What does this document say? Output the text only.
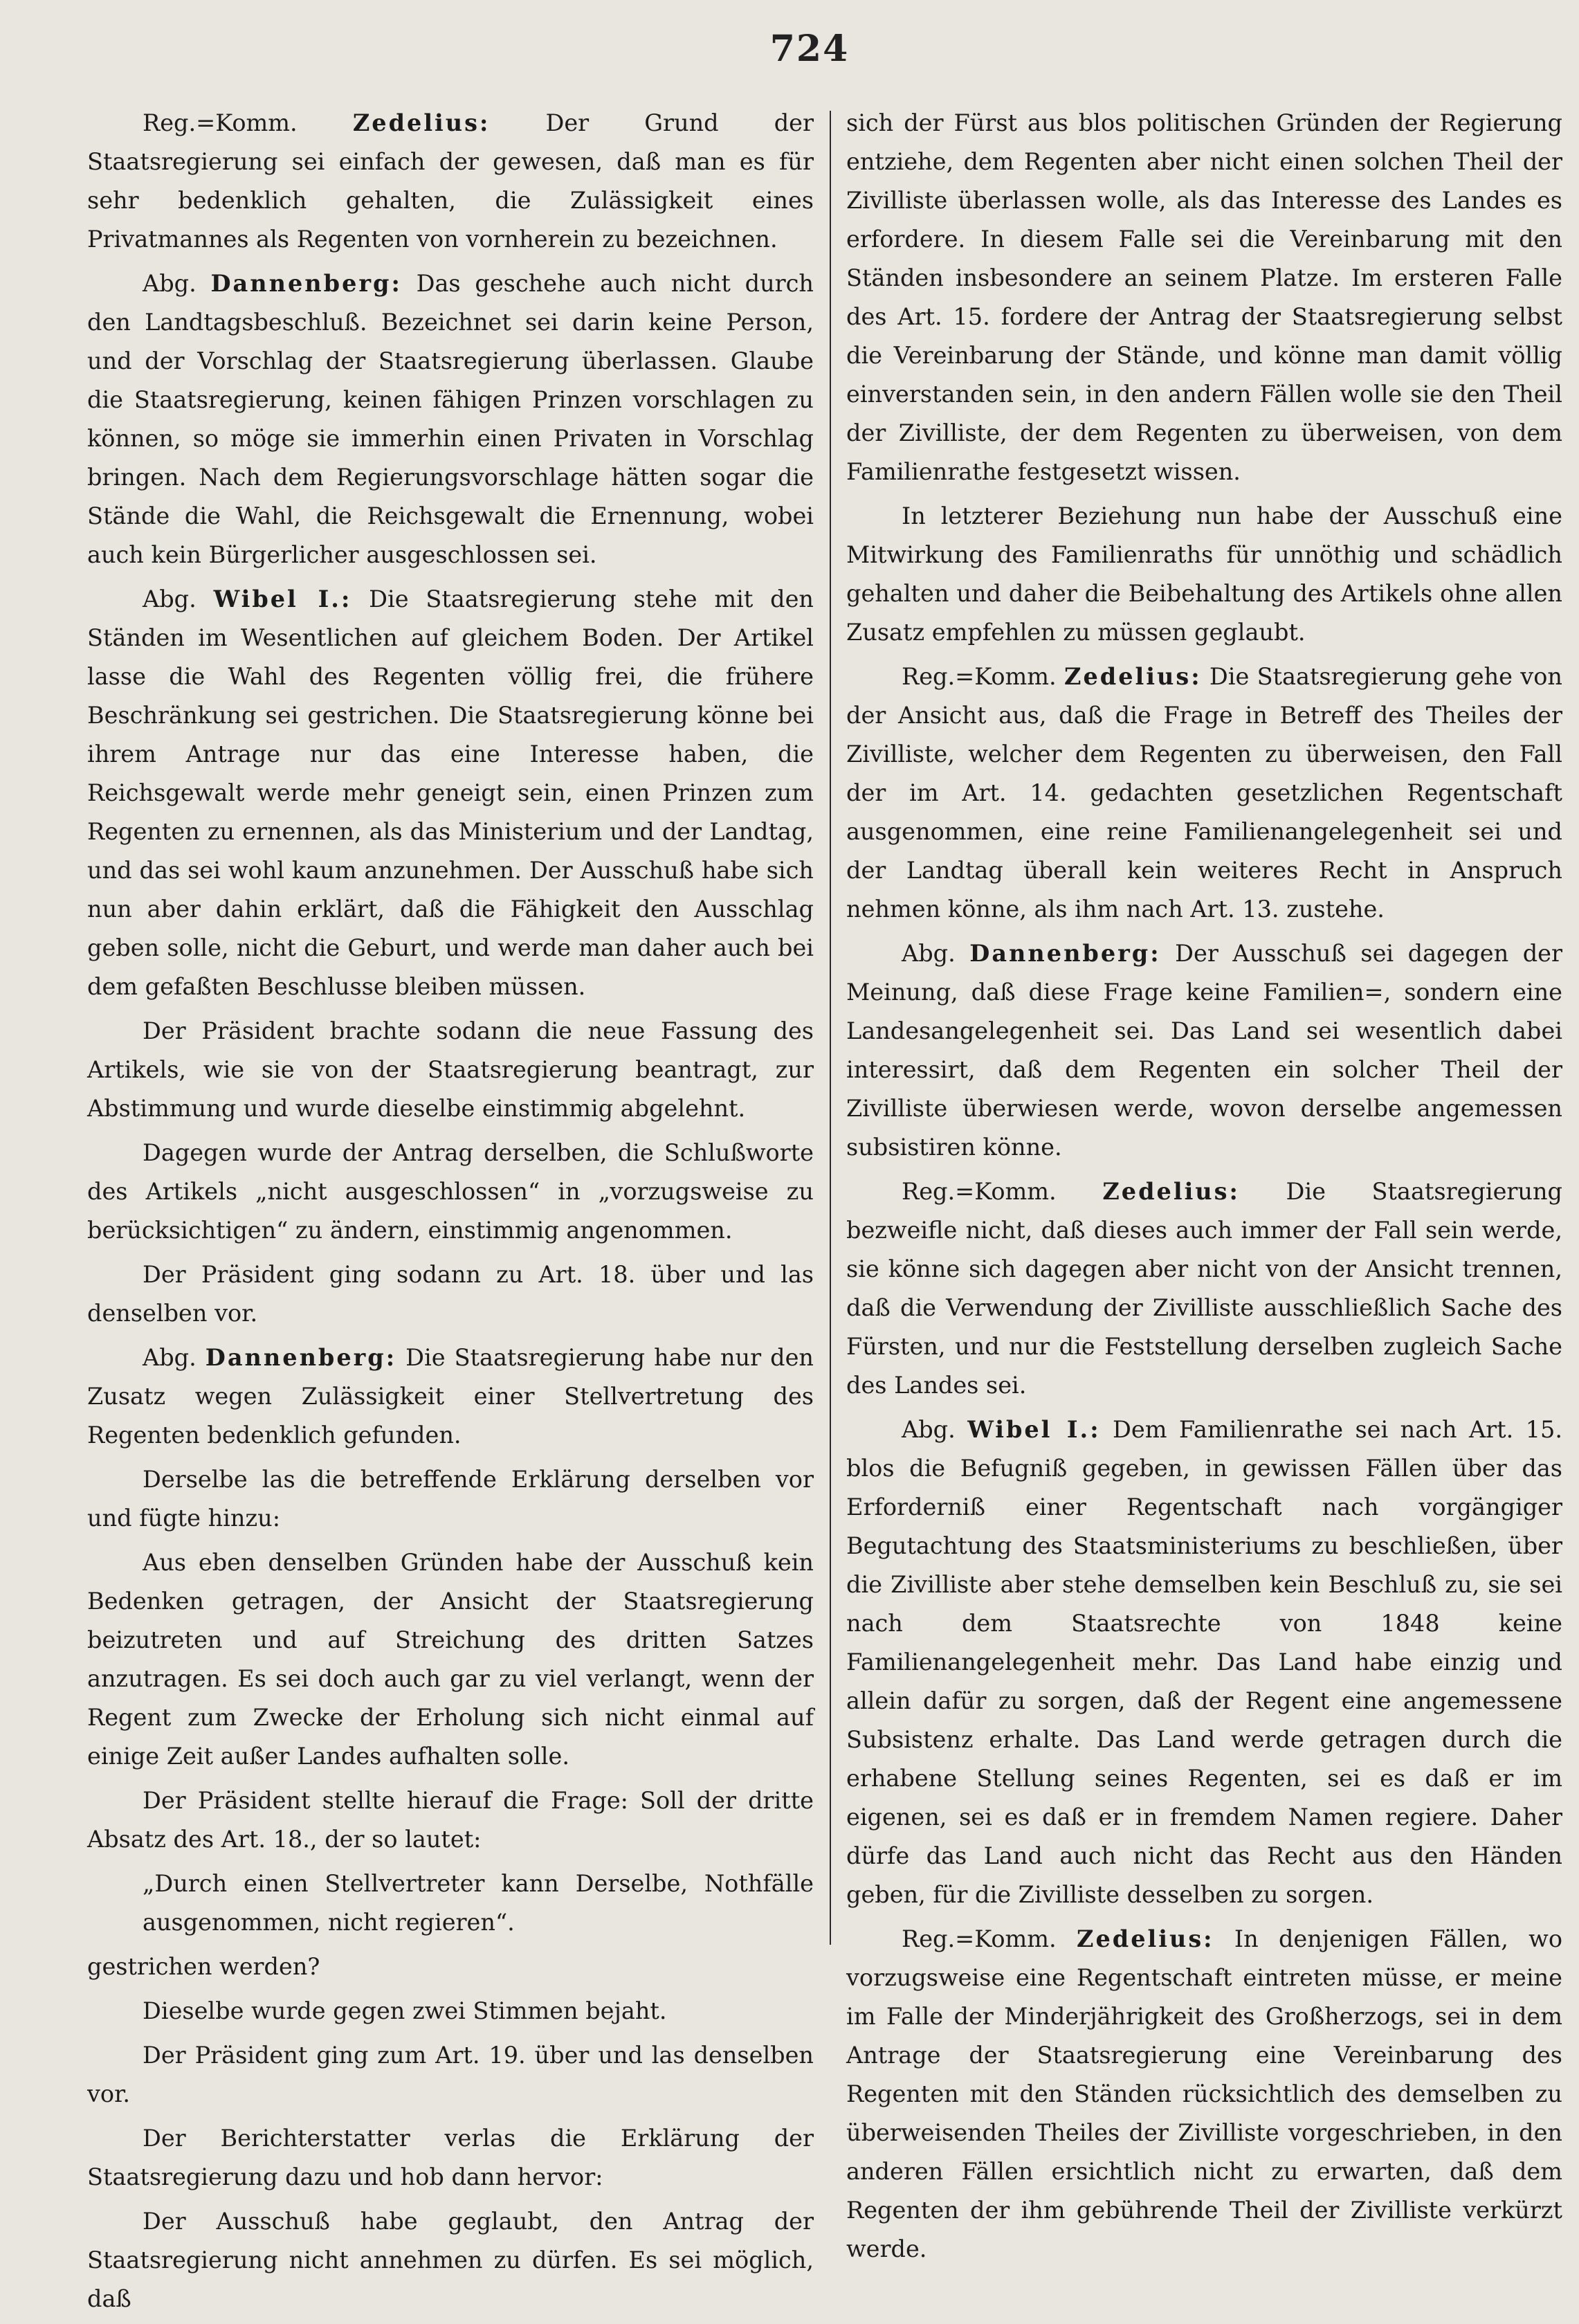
724

Reg.=Komm. Zedelius: Der Grund der Staatsregierung sei einfach der gewesen, daß man es für sehr bedenklich gehalten, die Zulässigkeit eines Privatmannes als Regenten von vornherein zu bezeichnen.

Abg. Dannenberg: Das geschehe auch nicht durch den Landtagsbeschluß. Bezeichnet sei darin keine Person, und der Vorschlag der Staatsregierung überlassen. Glaube die Staatsregierung, keinen fähigen Prinzen vorschlagen zu können, so möge sie immerhin einen Privaten in Vorschlag bringen. Nach dem Regierungsvorschlage hätten sogar die Stände die Wahl, die Reichsgewalt die Ernennung, wobei auch kein Bürgerlicher ausgeschlossen sei.

Abg. Wibel I.: Die Staatsregierung stehe mit den Ständen im Wesentlichen auf gleichem Boden. Der Artikel lasse die Wahl des Regenten völlig frei, die frühere Beschränkung sei gestrichen. Die Staatsregierung könne bei ihrem Antrage nur das eine Interesse haben, die Reichsgewalt werde mehr geneigt sein, einen Prinzen zum Regenten zu ernennen, als das Ministerium und der Landtag, und das sei wohl kaum anzunehmen. Der Ausschuß habe sich nun aber dahin erklärt, daß die Fähigkeit den Ausschlag geben solle, nicht die Geburt, und werde man daher auch bei dem gefaßten Beschlusse bleiben müssen.

Der Präsident brachte sodann die neue Fassung des Artikels, wie sie von der Staatsregierung beantragt, zur Abstimmung und wurde dieselbe einstimmig abgelehnt.

Dagegen wurde der Antrag derselben, die Schlußworte des Artikels „nicht ausgeschlossen“ in „vorzugsweise zu berücksichtigen“ zu ändern, einstimmig angenommen.

Der Präsident ging sodann zu Art. 18. über und las denselben vor.

Abg. Dannenberg: Die Staatsregierung habe nur den Zusatz wegen Zulässigkeit einer Stellvertretung des Regenten bedenklich gefunden.

Derselbe las die betreffende Erklärung derselben vor und fügte hinzu:

Aus eben denselben Gründen habe der Ausschuß kein Bedenken getragen, der Ansicht der Staatsregierung beizutreten und auf Streichung des dritten Satzes anzutragen. Es sei doch auch gar zu viel verlangt, wenn der Regent zum Zwecke der Erholung sich nicht einmal auf einige Zeit außer Landes aufhalten solle.

Der Präsident stellte hierauf die Frage: Soll der dritte Absatz des Art. 18., der so lautet:

„Durch einen Stellvertreter kann Derselbe, Nothfälle ausgenommen, nicht regieren“.

gestrichen werden?

Dieselbe wurde gegen zwei Stimmen bejaht.

Der Präsident ging zum Art. 19. über und las denselben vor.

Der Berichterstatter verlas die Erklärung der Staatsregierung dazu und hob dann hervor:

Der Ausschuß habe geglaubt, den Antrag der Staatsregierung nicht annehmen zu dürfen. Es sei möglich, daß

sich der Fürst aus blos politischen Gründen der Regierung entziehe, dem Regenten aber nicht einen solchen Theil der Zivilliste überlassen wolle, als das Interesse des Landes es erfordere. In diesem Falle sei die Vereinbarung mit den Ständen insbesondere an seinem Platze. Im ersteren Falle des Art. 15. fordere der Antrag der Staatsregierung selbst die Vereinbarung der Stände, und könne man damit völlig einverstanden sein, in den andern Fällen wolle sie den Theil der Zivilliste, der dem Regenten zu überweisen, von dem Familienrathe festgesetzt wissen.

In letzterer Beziehung nun habe der Ausschuß eine Mitwirkung des Familienraths für unnöthig und schädlich gehalten und daher die Beibehaltung des Artikels ohne allen Zusatz empfehlen zu müssen geglaubt.

Reg.=Komm. Zedelius: Die Staatsregierung gehe von der Ansicht aus, daß die Frage in Betreff des Theiles der Zivilliste, welcher dem Regenten zu überweisen, den Fall der im Art. 14. gedachten gesetzlichen Regentschaft ausgenommen, eine reine Familienangelegenheit sei und der Landtag überall kein weiteres Recht in Anspruch nehmen könne, als ihm nach Art. 13. zustehe.

Abg. Dannenberg: Der Ausschuß sei dagegen der Meinung, daß diese Frage keine Familien=, sondern eine Landesangelegenheit sei. Das Land sei wesentlich dabei interessirt, daß dem Regenten ein solcher Theil der Zivilliste überwiesen werde, wovon derselbe angemessen subsistiren könne.

Reg.=Komm. Zedelius: Die Staatsregierung bezweifle nicht, daß dieses auch immer der Fall sein werde, sie könne sich dagegen aber nicht von der Ansicht trennen, daß die Verwendung der Zivilliste ausschließlich Sache des Fürsten, und nur die Feststellung derselben zugleich Sache des Landes sei.

Abg. Wibel I.: Dem Familienrathe sei nach Art. 15. blos die Befugniß gegeben, in gewissen Fällen über das Erforderniß einer Regentschaft nach vorgängiger Begutachtung des Staatsministeriums zu beschließen, über die Zivilliste aber stehe demselben kein Beschluß zu, sie sei nach dem Staatsrechte von 1848 keine Familienangelegenheit mehr. Das Land habe einzig und allein dafür zu sorgen, daß der Regent eine angemessene Subsistenz erhalte. Das Land werde getragen durch die erhabene Stellung seines Regenten, sei es daß er im eigenen, sei es daß er in fremdem Namen regiere. Daher dürfe das Land auch nicht das Recht aus den Händen geben, für die Zivilliste desselben zu sorgen.

Reg.=Komm. Zedelius: In denjenigen Fällen, wo vorzugsweise eine Regentschaft eintreten müsse, er meine im Falle der Minderjährigkeit des Großherzogs, sei in dem Antrage der Staatsregierung eine Vereinbarung des Regenten mit den Ständen rücksichtlich des demselben zu überweisenden Theiles der Zivilliste vorgeschrieben, in den anderen Fällen ersichtlich nicht zu erwarten, daß dem Regenten der ihm gebührende Theil der Zivilliste verkürzt werde.
